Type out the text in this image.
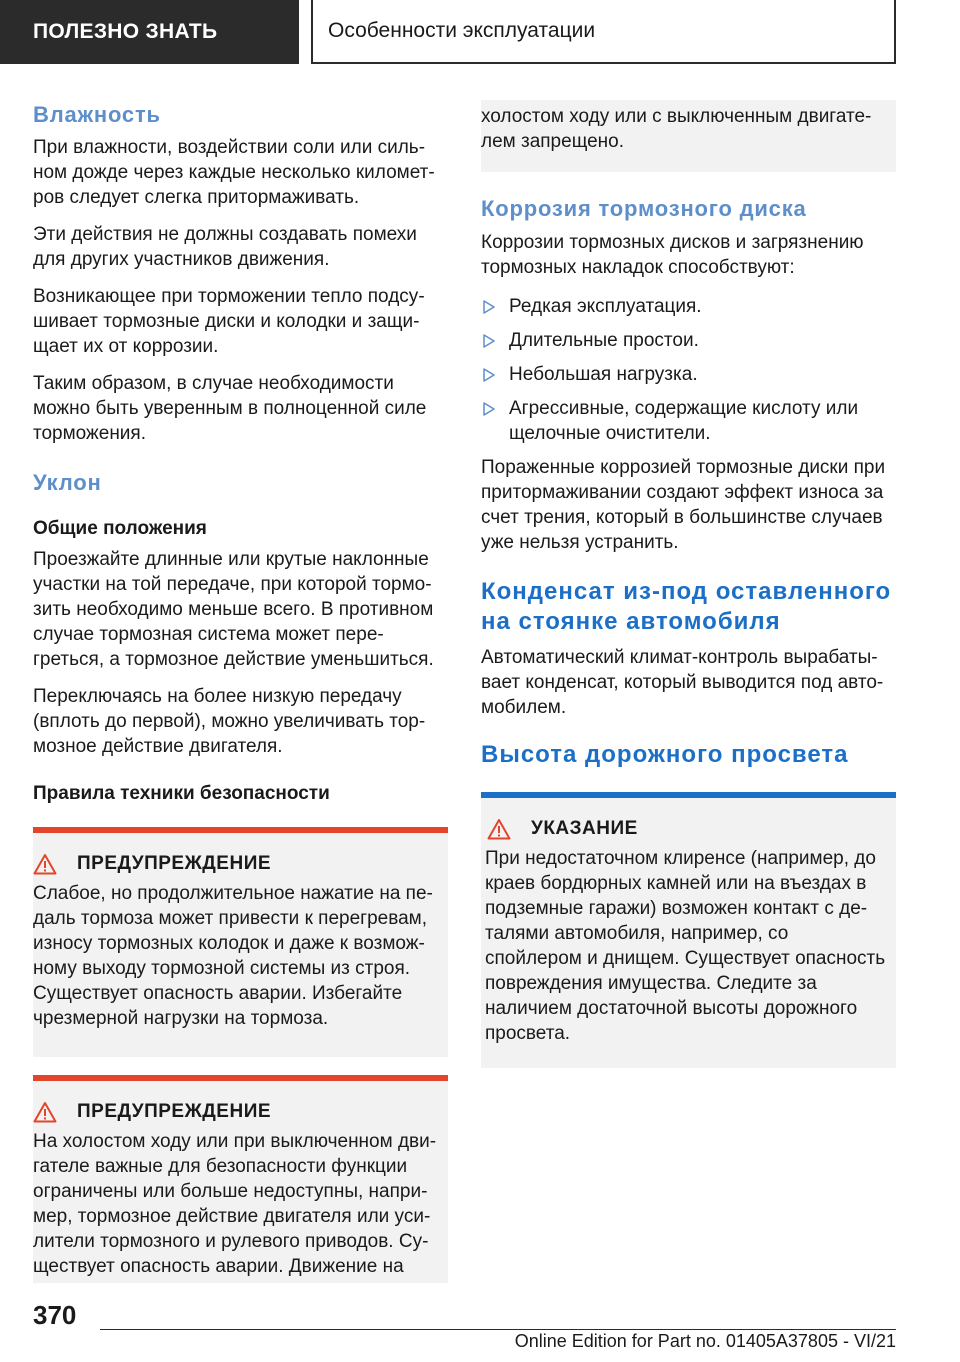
ПОЛЕЗНО ЗНАТЬ	Особенности эксплуатации
Влажность
При влажности, воздействии соли или сильном дожде через каждые несколько километров следует слегка притормаживать.
Эти действия не должны создавать помехи для других участников движения.
Возникающее при торможении тепло подсушивает тормозные диски и колодки и защищает их от коррозии.
Таким образом, в случае необходимости можно быть уверенным в полноценной силе торможения.
Уклон
Общие положения
Проезжайте длинные или крутые наклонные участки на той передаче, при которой тормозить необходимо меньше всего. В противном случае тормозная система может перегреться, а тормозное действие уменьшиться.
Переключаясь на более низкую передачу (вплоть до первой), можно увеличивать тормозное действие двигателя.
Правила техники безопасности
ПРЕДУПРЕЖДЕНИЕ
Слабое, но продолжительное нажатие на педаль тормоза может привести к перегревам, износу тормозных колодок и даже к возможному выходу тормозной системы из строя. Существует опасность аварии. Избегайте чрезмерной нагрузки на тормоза.
ПРЕДУПРЕЖДЕНИЕ
На холостом ходу или при выключенном двигателе важные для безопасности функции ограничены или больше недоступны, например, тормозное действие двигателя или усилители тормозного и рулевого приводов. Существует опасность аварии. Движение на
холостом ходу или с выключенным двигателем запрещено.
Коррозия тормозного диска
Коррозии тормозных дисков и загрязнению тормозных накладок способствуют:
Редкая эксплуатация.
Длительные простои.
Небольшая нагрузка.
Агрессивные, содержащие кислоту или щелочные очистители.
Пораженные коррозией тормозные диски при притормаживании создают эффект износа за счет трения, который в большинстве случаев уже нельзя устранить.
Конденсат из-под оставленного на стоянке автомобиля
Автоматический климат-контроль вырабатывает конденсат, который выводится под автомобилем.
Высота дорожного просвета
УКАЗАНИЕ
При недостаточном клиренсе (например, до краев бордюрных камней или на въездах в подземные гаражи) возможен контакт с деталями автомобиля, например, со спойлером и днищем. Существует опасность повреждения имущества. Следите за наличием достаточной высоты дорожного просвета.
370
Online Edition for Part no. 01405A37805 - VI/21
